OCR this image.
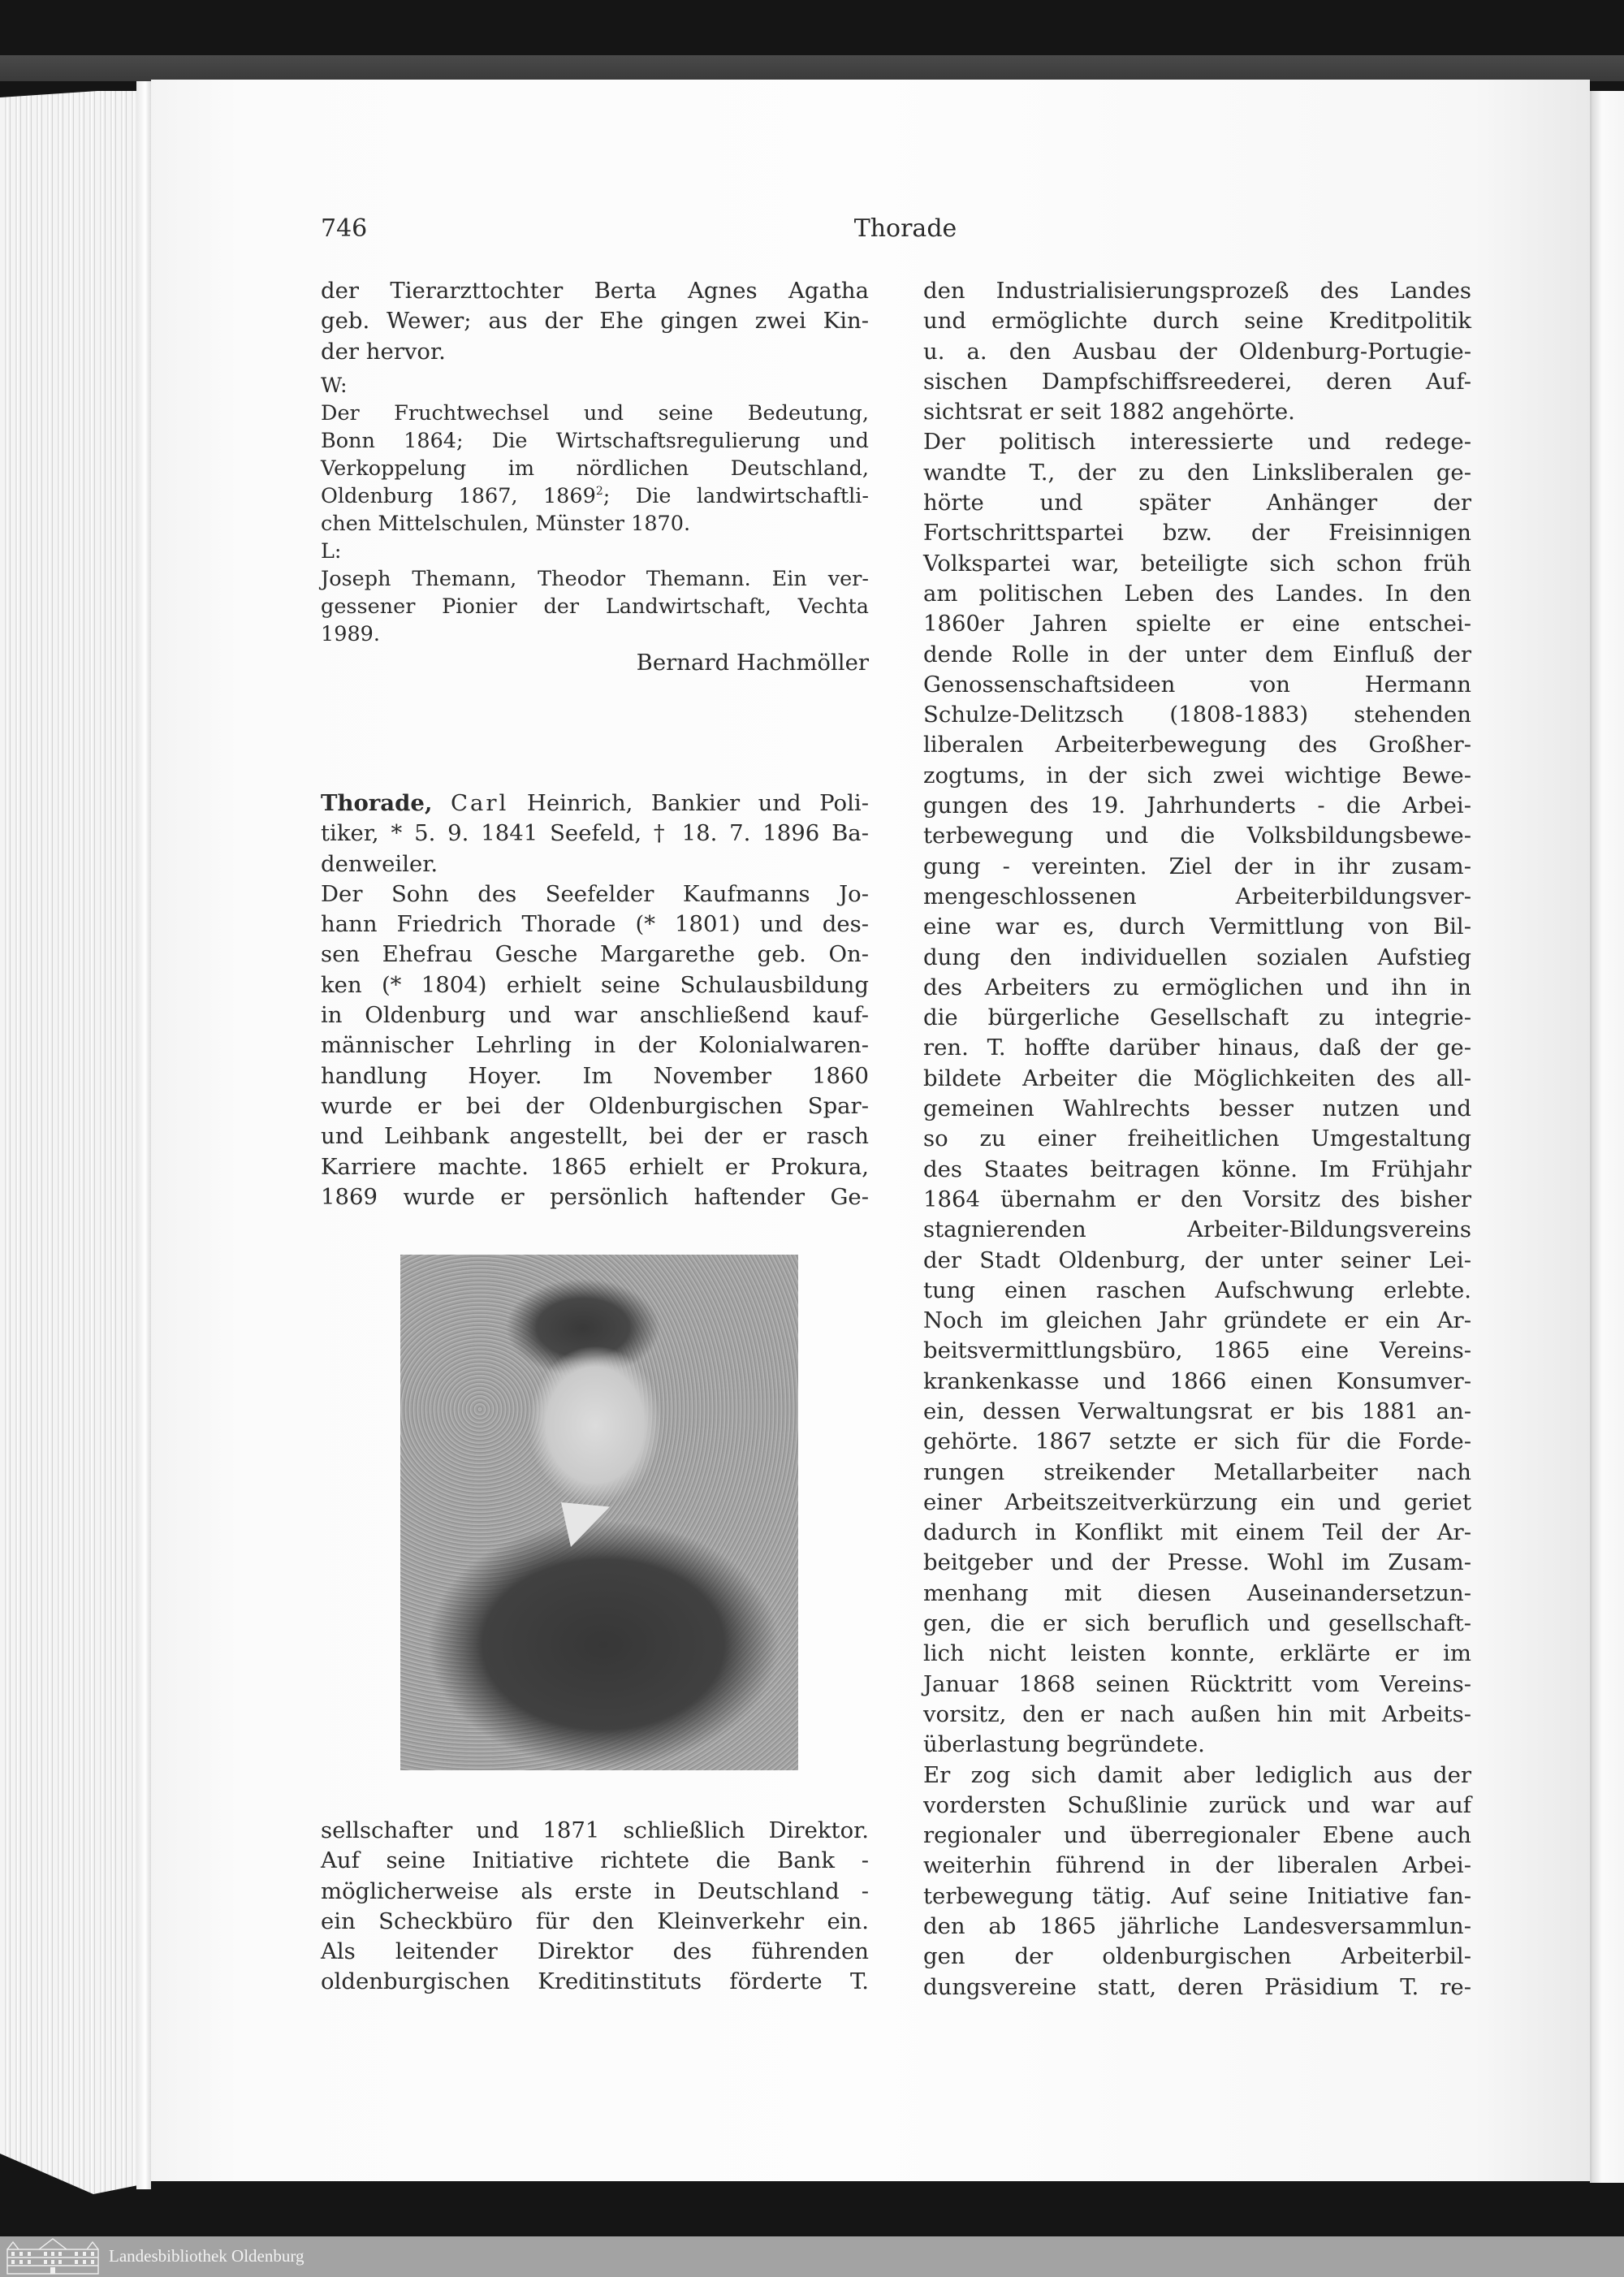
746	Thorade
der Tierarzttochter Berta Agnes Agatha
geb. Wewer; aus der Ehe gingen zwei Kin-
der hervor.
W:
Der Fruchtwechsel und seine Bedeutung,
Bonn 1864; Die Wirtschaftsregulierung und
Verkoppelung im nördlichen Deutschland,
Oldenburg 1867, 1869$^2$; Die landwirtschaftli-
chen Mittelschulen, Münster 1870.
L:
Joseph Themann, Theodor Themann. Ein ver-
gessener Pionier der Landwirtschaft, Vechta
1989.
Bernard Hachmöller
Thorade, Carl Heinrich, Bankier und Poli-
tiker, * 5. 9. 1841 Seefeld, † 18. 7. 1896 Ba-
denweiler.
Der Sohn des Seefelder Kaufmanns Jo-
hann Friedrich Thorade (* 1801) und des-
sen Ehefrau Gesche Margarethe geb. On-
ken (* 1804) erhielt seine Schulausbildung
in Oldenburg und war anschließend kauf-
männischer Lehrling in der Kolonialwaren-
handlung Hoyer. Im November 1860
wurde er bei der Oldenburgischen Spar-
und Leihbank angestellt, bei der er rasch
Karriere machte. 1865 erhielt er Prokura,
1869 wurde er persönlich haftender Ge-
sellschafter und 1871 schließlich Direktor.
Auf seine Initiative richtete die Bank -
möglicherweise als erste in Deutschland -
ein Scheckbüro für den Kleinverkehr ein.
Als leitender Direktor des führenden
oldenburgischen Kreditinstituts förderte T.
den Industrialisierungsprozeß des Landes
und ermöglichte durch seine Kreditpolitik
u. a. den Ausbau der Oldenburg-Portugie-
sischen Dampfschiffsreederei, deren Auf-
sichtsrat er seit 1882 angehörte.
Der politisch interessierte und redege-
wandte T., der zu den Linksliberalen ge-
hörte und später Anhänger der
Fortschrittspartei bzw. der Freisinnigen
Volkspartei war, beteiligte sich schon früh
am politischen Leben des Landes. In den
1860er Jahren spielte er eine entschei-
dende Rolle in der unter dem Einfluß der
Genossenschaftsideen von Hermann
Schulze-Delitzsch (1808-1883) stehenden
liberalen Arbeiterbewegung des Großher-
zogtums, in der sich zwei wichtige Bewe-
gungen des 19. Jahrhunderts - die Arbei-
terbewegung und die Volksbildungsbewe-
gung - vereinten. Ziel der in ihr zusam-
mengeschlossenen Arbeiterbildungsver-
eine war es, durch Vermittlung von Bil-
dung den individuellen sozialen Aufstieg
des Arbeiters zu ermöglichen und ihn in
die bürgerliche Gesellschaft zu integrie-
ren. T. hoffte darüber hinaus, daß der ge-
bildete Arbeiter die Möglichkeiten des all-
gemeinen Wahlrechts besser nutzen und
so zu einer freiheitlichen Umgestaltung
des Staates beitragen könne. Im Frühjahr
1864 übernahm er den Vorsitz des bisher
stagnierenden Arbeiter-Bildungsvereins
der Stadt Oldenburg, der unter seiner Lei-
tung einen raschen Aufschwung erlebte.
Noch im gleichen Jahr gründete er ein Ar-
beitsvermittlungsbüro, 1865 eine Vereins-
krankenkasse und 1866 einen Konsumver-
ein, dessen Verwaltungsrat er bis 1881 an-
gehörte. 1867 setzte er sich für die Forde-
rungen streikender Metallarbeiter nach
einer Arbeitszeitverkürzung ein und geriet
dadurch in Konflikt mit einem Teil der Ar-
beitgeber und der Presse. Wohl im Zusam-
menhang mit diesen Auseinandersetzun-
gen, die er sich beruflich und gesellschaft-
lich nicht leisten konnte, erklärte er im
Januar 1868 seinen Rücktritt vom Vereins-
vorsitz, den er nach außen hin mit Arbeits-
überlastung begründete.
Er zog sich damit aber lediglich aus der
vordersten Schußlinie zurück und war auf
regionaler und überregionaler Ebene auch
weiterhin führend in der liberalen Arbei-
terbewegung tätig. Auf seine Initiative fan-
den ab 1865 jährliche Landesversammlun-
gen der oldenburgischen Arbeiterbil-
dungsvereine statt, deren Präsidium T. re-
Landesbibliothek Oldenburg
